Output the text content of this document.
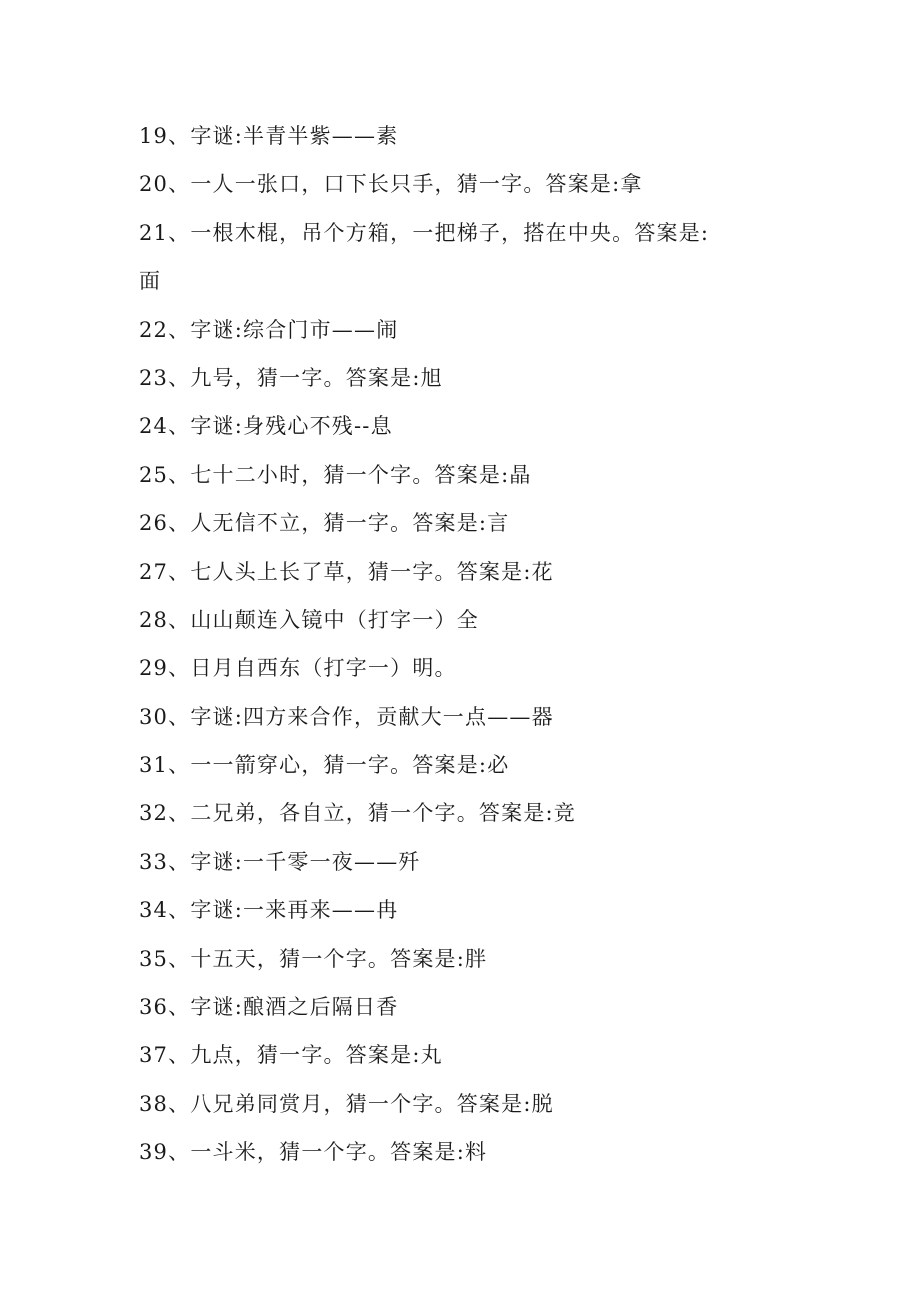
19、字谜:半青半紫——素
20、一人一张口，口下长只手，猜一字。答案是:拿
21、一根木棍，吊个方箱，一把梯子，搭在中央。答案是:
面
22、字谜:综合门市——闹
23、九号，猜一字。答案是:旭
24、字谜:身残心不残--息
25、七十二小时，猜一个字。答案是:晶
26、人无信不立，猜一字。答案是:言
27、七人头上长了草，猜一字。答案是:花
28、山山颠连入镜中（打字一）全
29、日月自西东（打字一）明。
30、字谜:四方来合作，贡献大一点——器
31、一一箭穿心，猜一字。答案是:必
32、二兄弟，各自立，猜一个字。答案是:竞
33、字谜:一千零一夜——歼
34、字谜:一来再来——冉
35、十五天，猜一个字。答案是:胖
36、字谜:酿酒之后隔日香
37、九点，猜一字。答案是:丸
38、八兄弟同赏月，猜一个字。答案是:脱
39、一斗米，猜一个字。答案是:料
